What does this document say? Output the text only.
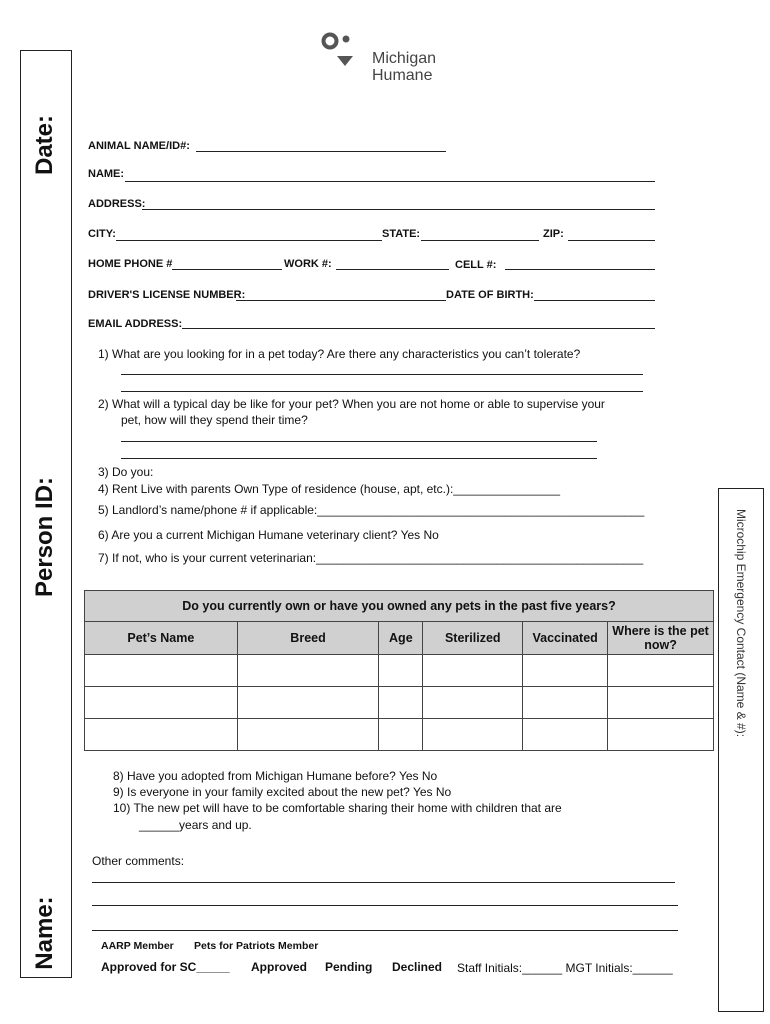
Date:
Person ID:
Name:
Microchip Emergency Contact (Name & #):
Michigan
Humane
ANIMAL NAME/ID#:
NAME:
ADDRESS:
CITY:	STATE:	ZIP:
HOME PHONE #	WORK #:	CELL #:
DRIVER'S LICENSE NUMBER:	DATE OF BIRTH:
EMAIL ADDRESS:
1) What are you looking for in a pet today? Are there any characteristics you can’t tolerate?
2) What will a typical day be like for your pet? When you are not home or able to supervise your
pet, how will they spend their time?
3) Do you:
4) Rent Live with parents Own Type of residence (house, apt, etc.):________________
5) Landlord’s name/phone # if applicable:_________________________________________________
6) Are you a current Michigan Humane veterinary client? Yes No
7) If not, who is your current veterinarian:_________________________________________________
Do you currently own or have you owned any pets in the past five years?					
Pet’s Name	Breed	Age	Sterilized	Vaccinated	Where is the pet now?

8) Have you adopted from Michigan Humane before? Yes No
9) Is everyone in your family excited about the new pet? Yes No
10) The new pet will have to be comfortable sharing their home with children that are
______years and up.
Other comments:
AARP Member Pets for Patriots Member
Approved for SC_____ Approved Pending Declined Staff Initials:______ MGT Initials:______
